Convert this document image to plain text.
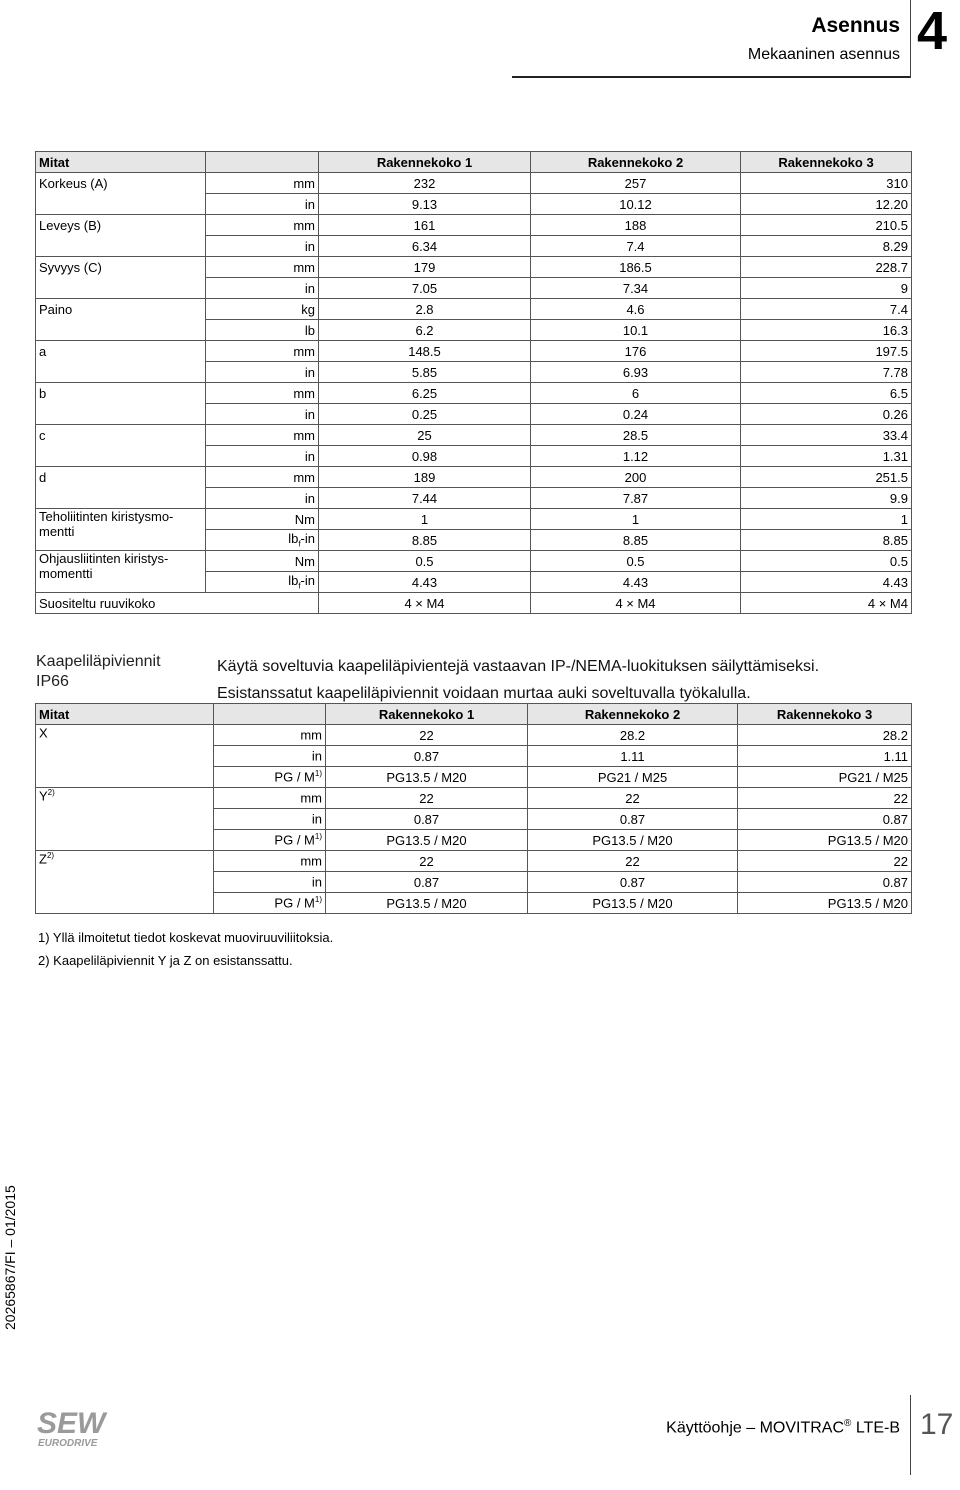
Asennus
Mekaaninen asennus 4
Mitat		Rakennekoko 1	Rakennekoko 2	Rakennekoko 3
Korkeus (A)	mm	232	257	310
	in	9.13	10.12	12.20
Leveys (B)	mm	161	188	210.5
	in	6.34	7.4	8.29
Syvyys (C)	mm	179	186.5	228.7
	in	7.05	7.34	9
Paino	kg	2.8	4.6	7.4
	lb	6.2	10.1	16.3
a	mm	148.5	176	197.5
	in	5.85	6.93	7.78
b	mm	6.25	6	6.5
	in	0.25	0.24	0.26
c	mm	25	28.5	33.4
	in	0.98	1.12	1.31
d	mm	189	200	251.5
	in	7.44	7.87	9.9
Teholiitinten kiristysmo-mentti	Nm	1	1	1
	$lb_f-in$	8.85	8.85	8.85
Ohjausliitinten kiristys-momentti	Nm	0.5	0.5	0.5
	$lb_f-in$	4.43	4.43	4.43
Suositeltu ruuvikoko		4 × M4	4 × M4	4 × M4
Kaapeliläpiviennit
IP66
Käytä soveltuvia kaapeliläpivientejä vastaavan IP-/NEMA-luokituksen säilyttämiseksi.
Esistanssatut kaapeliläpiviennit voidaan murtaa auki soveltuvalla työkalulla.
Mitat		Rakennekoko 1	Rakennekoko 2	Rakennekoko 3
X	mm	22	28.2	28.2
	in	0.87	1.11	1.11
	PG / $M^{1)}$	PG13.5 / M20	PG21 / M25	PG21 / M25
$Y^{2)}$	mm	22	22	22
	in	0.87	0.87	0.87
	PG / $M^{1)}$	PG13.5 / M20	PG13.5 / M20	PG13.5 / M20
$Z^{2)}$	mm	22	22	22
	in	0.87	0.87	0.87
	PG / $M^{1)}$	PG13.5 / M20	PG13.5 / M20	PG13.5 / M20
1) Yllä ilmoitetut tiedot koskevat muoviruuviliitoksia.
2) Kaapeliläpiviennit Y ja Z on esistanssattu.
20265867/FI – 01/2015
SEW
EURODRIVE
Käyttöohje – MOVITRAC® LTE-B 17
